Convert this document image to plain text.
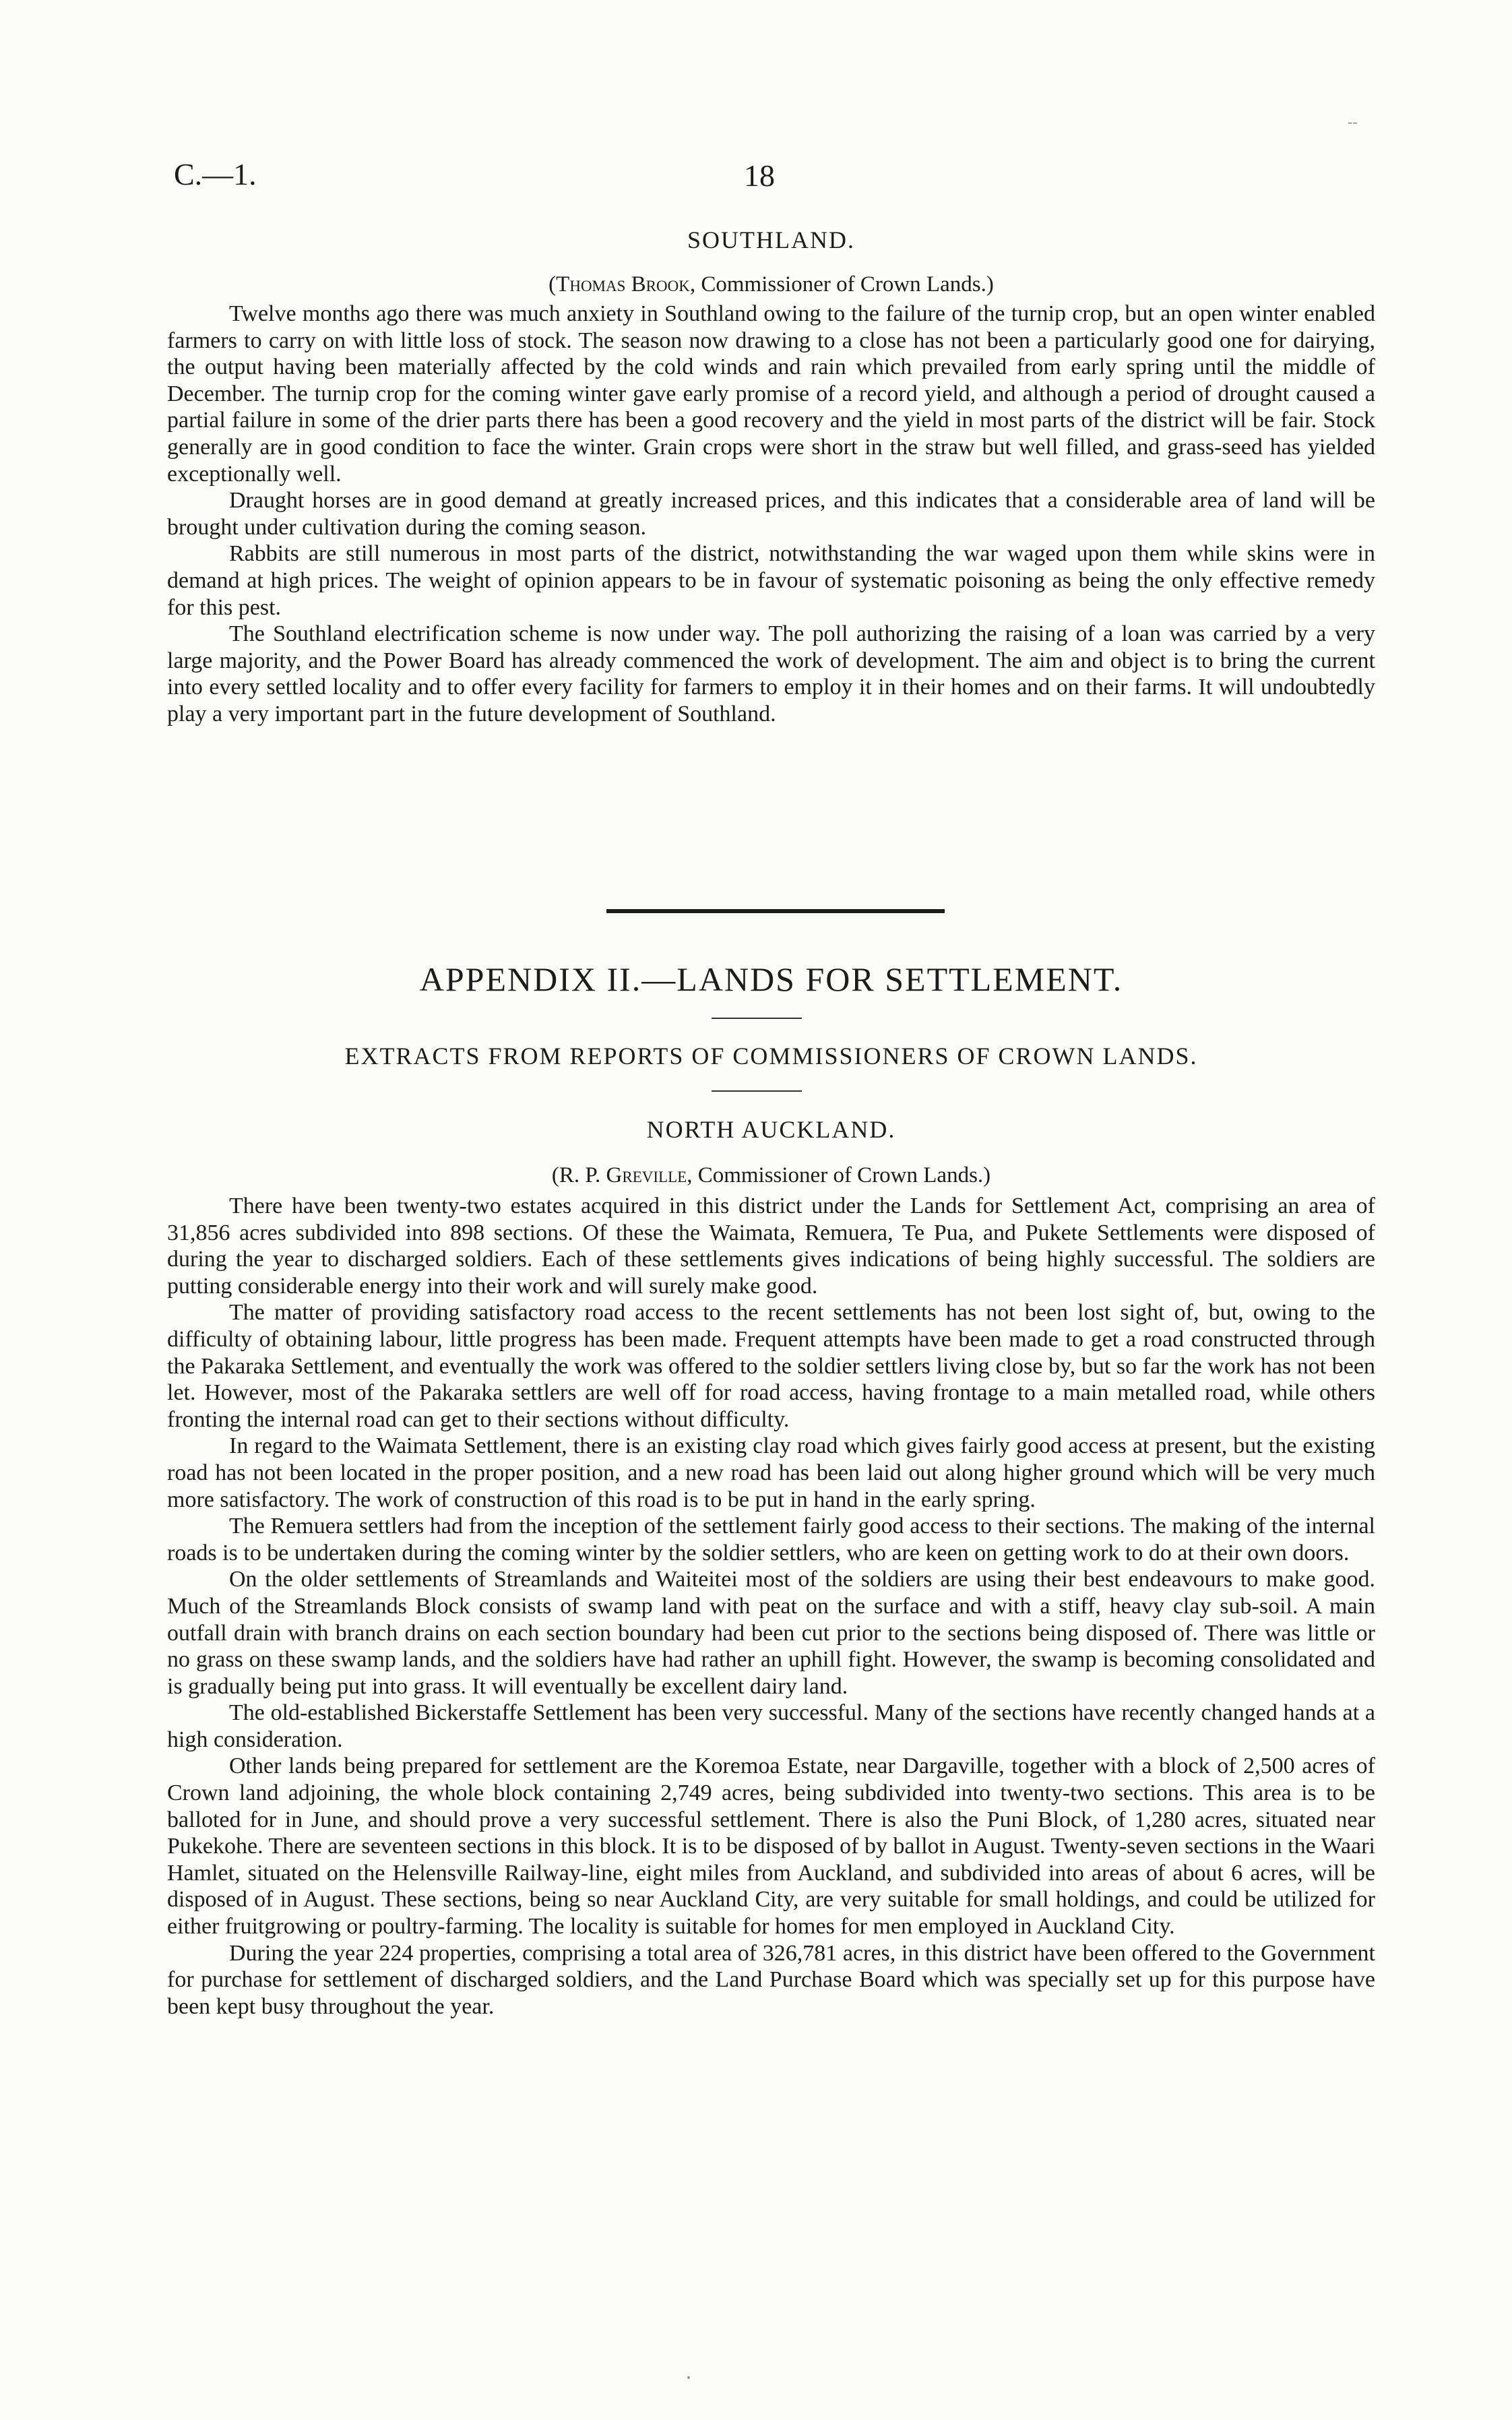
C.—1.	18
--
SOUTHLAND.
(Thomas Brook, Commissioner of Crown Lands.)

Twelve months ago there was much anxiety in Southland owing to the failure of the turnip crop, but an open winter enabled farmers to carry on with little loss of stock. The season now drawing to a close has not been a particularly good one for dairying, the output having been materially affected by the cold winds and rain which prevailed from early spring until the middle of December. The turnip crop for the coming winter gave early promise of a record yield, and although a period of drought caused a partial failure in some of the drier parts there has been a good recovery and the yield in most parts of the district will be fair. Stock generally are in good condition to face the winter. Grain crops were short in the straw but well filled, and grass-seed has yielded exceptionally well.

Draught horses are in good demand at greatly increased prices, and this indicates that a considerable area of land will be brought under cultivation during the coming season.

Rabbits are still numerous in most parts of the district, notwithstanding the war waged upon them while skins were in demand at high prices. The weight of opinion appears to be in favour of systematic poisoning as being the only effective remedy for this pest.

The Southland electrification scheme is now under way. The poll authorizing the raising of a loan was carried by a very large majority, and the Power Board has already commenced the work of development. The aim and object is to bring the current into every settled locality and to offer every facility for farmers to employ it in their homes and on their farms. It will undoubtedly play a very important part in the future development of Southland.

APPENDIX II.—LANDS FOR SETTLEMENT.
EXTRACTS FROM REPORTS OF COMMISSIONERS OF CROWN LANDS.
NORTH AUCKLAND.
(R. P. Greville, Commissioner of Crown Lands.)

There have been twenty-two estates acquired in this district under the Lands for Settlement Act, comprising an area of 31,856 acres subdivided into 898 sections. Of these the Waimata, Remuera, Te Pua, and Pukete Settlements were disposed of during the year to discharged soldiers. Each of these settlements gives indications of being highly successful. The soldiers are putting considerable energy into their work and will surely make good.

The matter of providing satisfactory road access to the recent settlements has not been lost sight of, but, owing to the difficulty of obtaining labour, little progress has been made. Frequent attempts have been made to get a road constructed through the Pakaraka Settlement, and eventually the work was offered to the soldier settlers living close by, but so far the work has not been let. However, most of the Pakaraka settlers are well off for road access, having frontage to a main metalled road, while others fronting the internal road can get to their sections without difficulty.

In regard to the Waimata Settlement, there is an existing clay road which gives fairly good access at present, but the existing road has not been located in the proper position, and a new road has been laid out along higher ground which will be very much more satisfactory. The work of construction of this road is to be put in hand in the early spring.

The Remuera settlers had from the inception of the settlement fairly good access to their sections. The making of the internal roads is to be undertaken during the coming winter by the soldier settlers, who are keen on getting work to do at their own doors.

On the older settlements of Streamlands and Waiteitei most of the soldiers are using their best endeavours to make good. Much of the Streamlands Block consists of swamp land with peat on the surface and with a stiff, heavy clay sub-soil. A main outfall drain with branch drains on each section boundary had been cut prior to the sections being disposed of. There was little or no grass on these swamp lands, and the soldiers have had rather an uphill fight. However, the swamp is becoming consolidated and is gradually being put into grass. It will eventually be excellent dairy land.

The old-established Bickerstaffe Settlement has been very successful. Many of the sections have recently changed hands at a high consideration.

Other lands being prepared for settlement are the Koremoa Estate, near Dargaville, together with a block of 2,500 acres of Crown land adjoining, the whole block containing 2,749 acres, being subdivided into twenty-two sections. This area is to be balloted for in June, and should prove a very successful settlement. There is also the Puni Block, of 1,280 acres, situated near Pukekohe. There are seventeen sections in this block. It is to be disposed of by ballot in August. Twenty-seven sections in the Waari Hamlet, situated on the Helensville Railway-line, eight miles from Auckland, and subdivided into areas of about 6 acres, will be disposed of in August. These sections, being so near Auckland City, are very suitable for small holdings, and could be utilized for either fruitgrowing or poultry-farming. The locality is suitable for homes for men employed in Auckland City.

During the year 224 properties, comprising a total area of 326,781 acres, in this district have been offered to the Government for purchase for settlement of discharged soldiers, and the Land Purchase Board which was specially set up for this purpose have been kept busy throughout the year.
